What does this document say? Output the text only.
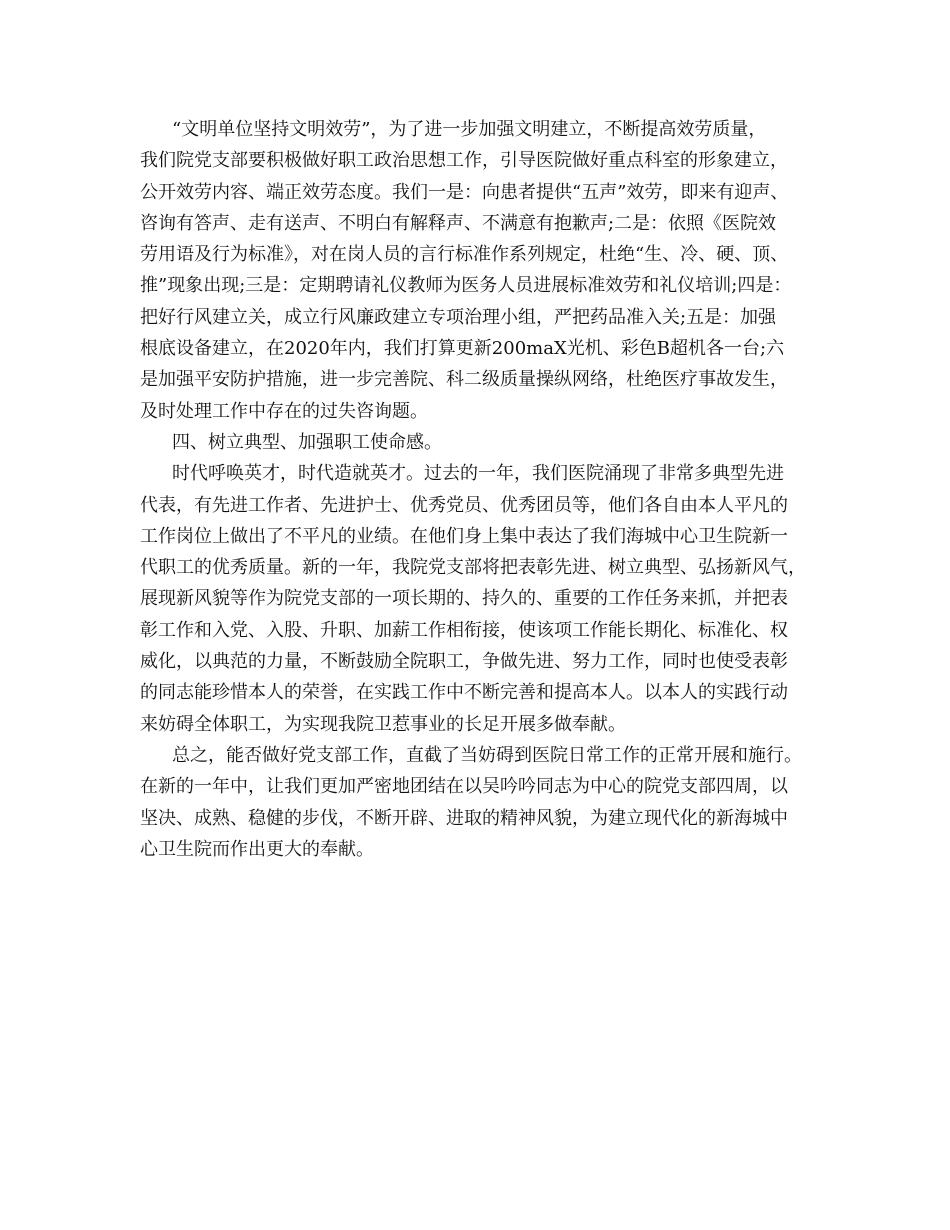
“文明单位坚持文明效劳”，为了进一步加强文明建立，不断提高效劳质量，
我们院党支部要积极做好职工政治思想工作，引导医院做好重点科室的形象建立，
公开效劳内容、端正效劳态度。我们一是：向患者提供“五声”效劳，即来有迎声、
咨询有答声、走有送声、不明白有解释声、不满意有抱歉声;二是：依照《医院效
劳用语及行为标准》，对在岗人员的言行标准作系列规定，杜绝“生、冷、硬、顶、
推”现象出现;三是：定期聘请礼仪教师为医务人员进展标准效劳和礼仪培训;四是：
把好行风建立关，成立行风廉政建立专项治理小组，严把药品准入关;五是：加强
根底设备建立，在2020年内，我们打算更新200maX光机、彩色B超机各一台;六
是加强平安防护措施，进一步完善院、科二级质量操纵网络，杜绝医疗事故发生，
及时处理工作中存在的过失咨询题。
四、树立典型、加强职工使命感。
时代呼唤英才，时代造就英才。过去的一年，我们医院涌现了非常多典型先进
代表，有先进工作者、先进护士、优秀党员、优秀团员等，他们各自由本人平凡的
工作岗位上做出了不平凡的业绩。在他们身上集中表达了我们海城中心卫生院新一
代职工的优秀质量。新的一年，我院党支部将把表彰先进、树立典型、弘扬新风气，
展现新风貌等作为院党支部的一项长期的、持久的、重要的工作任务来抓，并把表
彰工作和入党、入股、升职、加薪工作相衔接，使该项工作能长期化、标准化、权
威化，以典范的力量，不断鼓励全院职工，争做先进、努力工作，同时也使受表彰
的同志能珍惜本人的荣誉，在实践工作中不断完善和提高本人。以本人的实践行动
来妨碍全体职工，为实现我院卫惹事业的长足开展多做奉献。
总之，能否做好党支部工作，直截了当妨碍到医院日常工作的正常开展和施行。
在新的一年中，让我们更加严密地团结在以吴吟吟同志为中心的院党支部四周，以
坚决、成熟、稳健的步伐，不断开辟、进取的精神风貌，为建立现代化的新海城中
心卫生院而作出更大的奉献。
